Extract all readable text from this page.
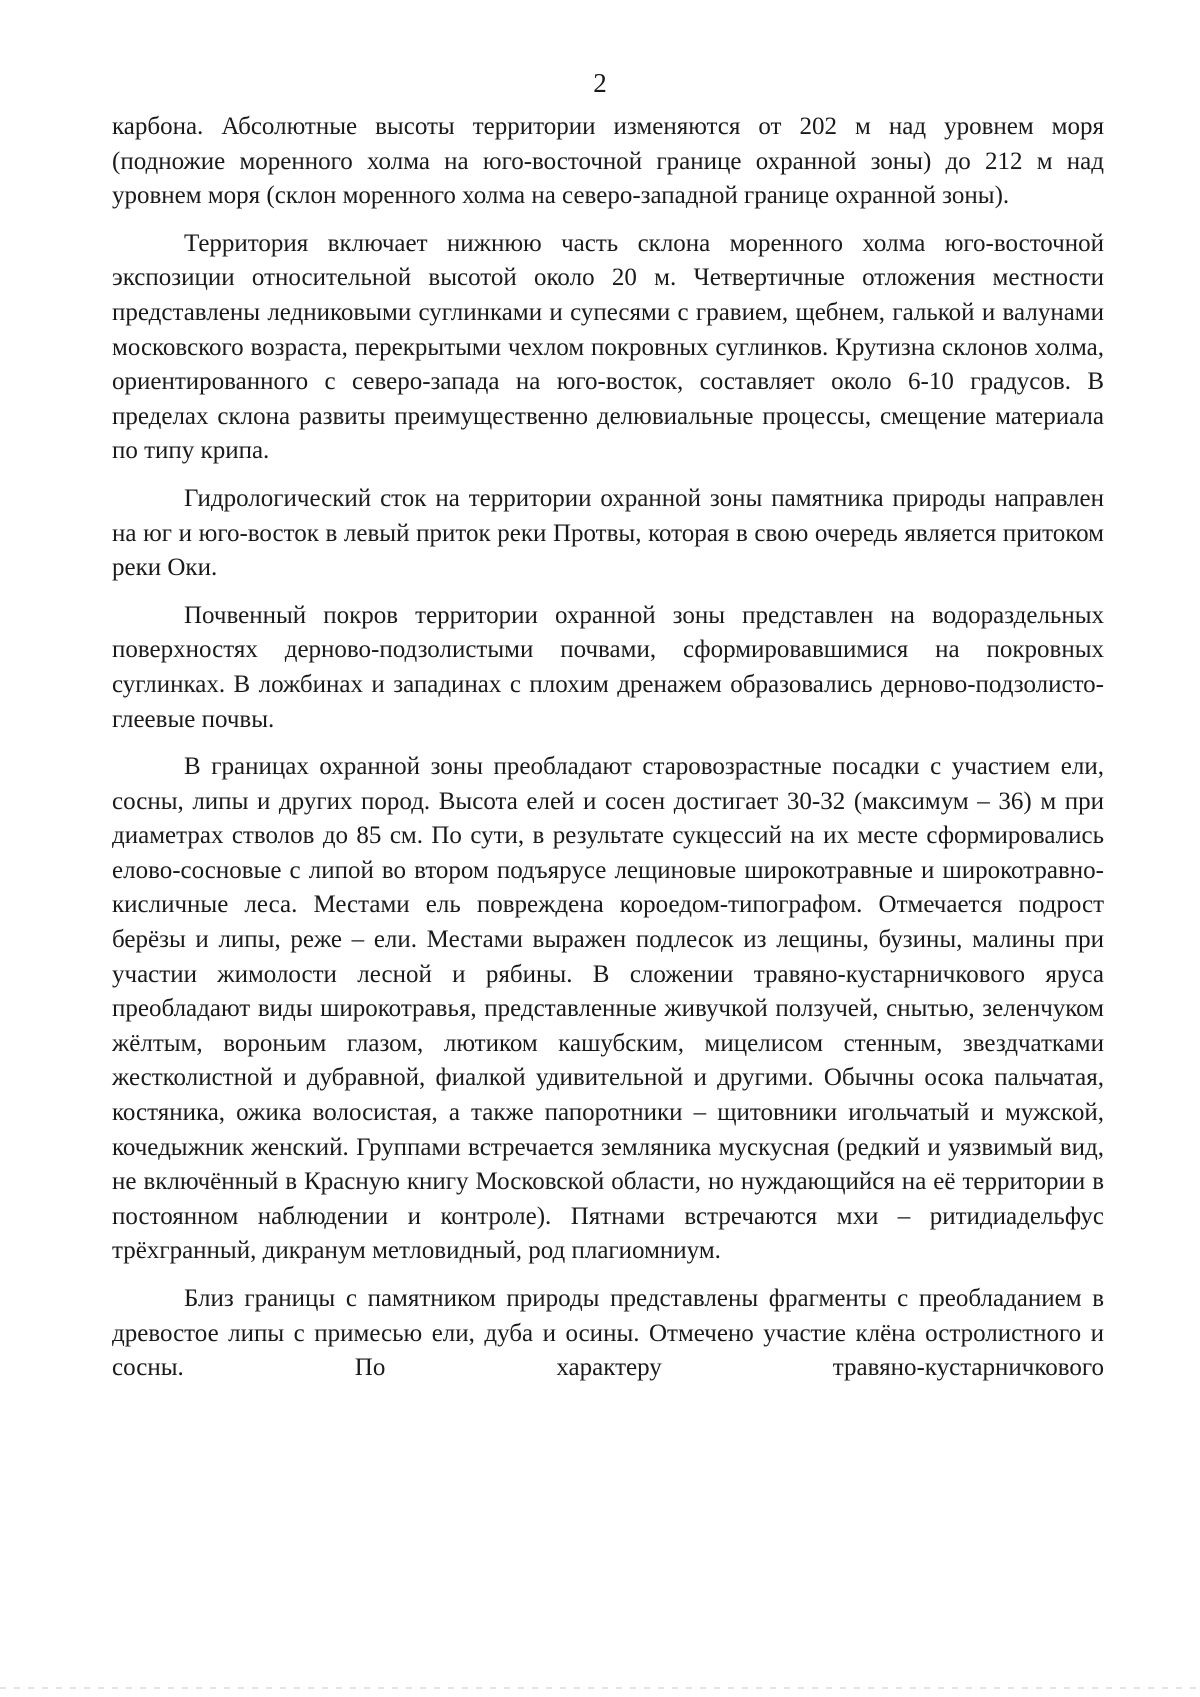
2

карбона. Абсолютные высоты территории изменяются от 202 м над уровнем моря (подножие моренного холма на юго-восточной границе охранной зоны) до 212 м над уровнем моря (склон моренного холма на северо-западной границе охранной зоны).

Территория включает нижнюю часть склона моренного холма юго-восточной экспозиции относительной высотой около 20 м. Четвертичные отложения местности представлены ледниковыми суглинками и супесями с гравием, щебнем, галькой и валунами московского возраста, перекрытыми чехлом покровных суглинков. Крутизна склонов холма, ориентированного с северо-запада на юго-восток, составляет около 6-10 градусов. В пределах склона развиты преимущественно делювиальные процессы, смещение материала по типу крипа.

Гидрологический сток на территории охранной зоны памятника природы направлен на юг и юго-восток в левый приток реки Протвы, которая в свою очередь является притоком реки Оки.

Почвенный покров территории охранной зоны представлен на водораздельных поверхностях дерново-подзолистыми почвами, сформировавшимися на покровных суглинках. В ложбинах и западинах с плохим дренажем образовались дерново-подзолисто-глеевые почвы.

В границах охранной зоны преобладают старовозрастные посадки с участием ели, сосны, липы и других пород. Высота елей и сосен достигает 30-32 (максимум – 36) м при диаметрах стволов до 85 см. По сути, в результате сукцессий на их месте сформировались елово-сосновые с липой во втором подъярусе лещиновые широкотравные и широкотравно-кисличные леса. Местами ель повреждена короедом-типографом. Отмечается подрост берёзы и липы, реже – ели. Местами выражен подлесок из лещины, бузины, малины при участии жимолости лесной и рябины. В сложении травяно-кустарничкового яруса преобладают виды широкотравья, представленные живучкой ползучей, снытью, зеленчуком жёлтым, вороньим глазом, лютиком кашубским, мицелисом стенным, звездчатками жестколистной и дубравной, фиалкой удивительной и другими. Обычны осока пальчатая, костяника, ожика волосистая, а также папоротники – щитовники игольчатый и мужской, кочедыжник женский. Группами встречается земляника мускусная (редкий и уязвимый вид, не включённый в Красную книгу Московской области, но нуждающийся на её территории в постоянном наблюдении и контроле). Пятнами встречаются мхи – ритидиадельфус трёхгранный, дикранум метловидный, род плагиомниум.

Близ границы с памятником природы представлены фрагменты с преобладанием в древостое липы с примесью ели, дуба и осины. Отмечено участие клёна остролистного и сосны. По характеру травяно-кустарничкового
